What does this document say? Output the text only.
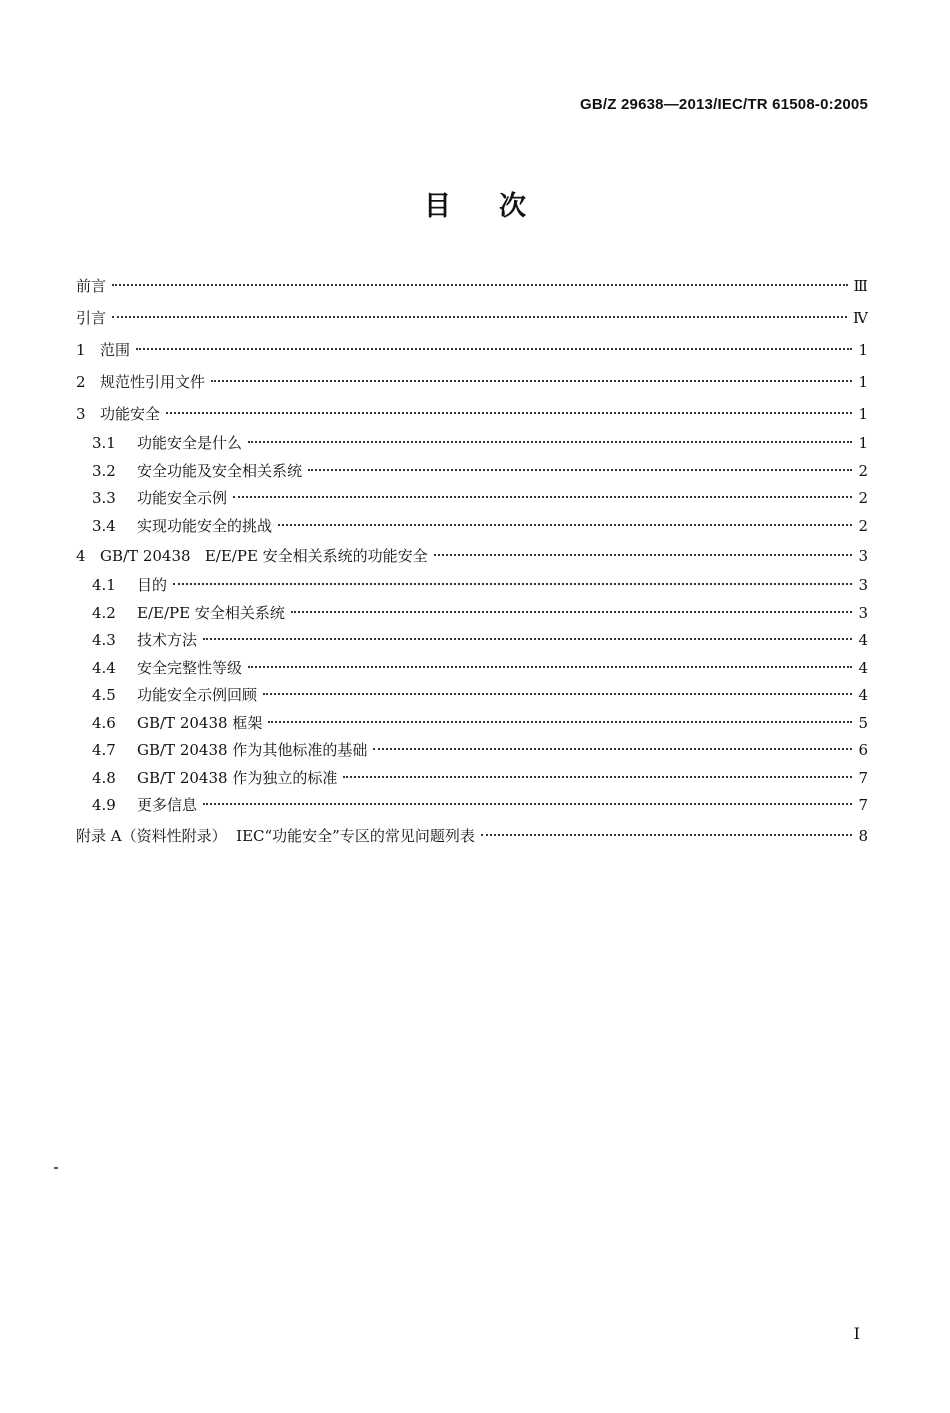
GB/Z 29638—2013/IEC/TR 61508-0:2005
目次
前言	Ⅲ
引言	Ⅳ
1 范围	1
2 规范性引用文件	1
3 功能安全	1
3.1	功能安全是什么	1
3.2	安全功能及安全相关系统	2
3.3	功能安全示例	2
3.4	实现功能安全的挑战	2
4 GB/T 20438   E/E/PE 安全相关系统的功能安全	3
4.1	目的	3
4.2	E/E/PE 安全相关系统	3
4.3	技术方法	4
4.4	安全完整性等级	4
4.5	功能安全示例回顾	4
4.6	GB/T 20438 框架	5
4.7	GB/T 20438 作为其他标准的基础	6
4.8	GB/T 20438 作为独立的标准	7
4.9	更多信息	7
附录 A（资料性附录）  IEC“功能安全”专区的常见问题列表	8
I
